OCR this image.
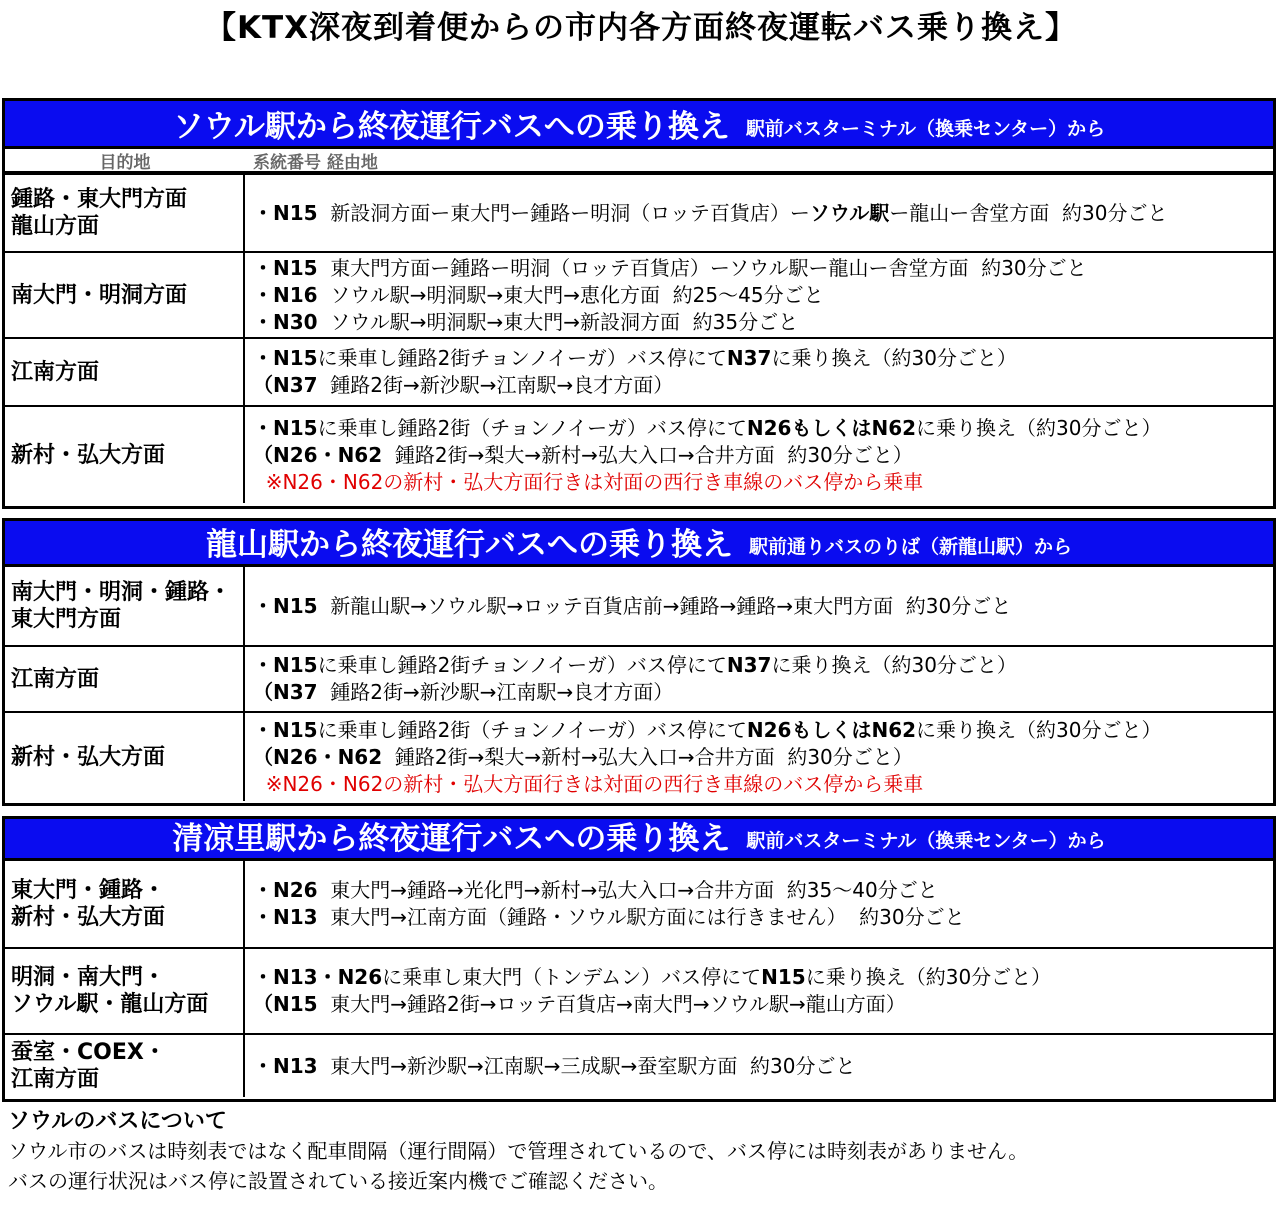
【KTX深夜到着便からの市内各方面終夜運転バス乗り換え】
ソウル駅から終夜運行バスへの乗り換え 駅前バスターミナル（換乗センター）から
目的地	系統番号 経由地
鍾路・東大門方面
龍山方面
・N15  新設洞方面ー東大門ー鍾路ー明洞（ロッテ百貨店）ーソウル駅ー龍山ー舎堂方面  約30分ごと
南大門・明洞方面
・N15  東大門方面ー鍾路ー明洞（ロッテ百貨店）ーソウル駅ー龍山ー舎堂方面  約30分ごと
・N16  ソウル駅→明洞駅→東大門→恵化方面  約25～45分ごと
・N30  ソウル駅→明洞駅→東大門→新設洞方面  約35分ごと
江南方面
・N15に乗車し鍾路2街チョンノイーガ）バス停にてN37に乗り換え（約30分ごと）
（N37  鍾路2街→新沙駅→江南駅→良才方面）
新村・弘大方面
・N15に乗車し鍾路2街（チョンノイーガ）バス停にてN26もしくはN62に乗り換え（約30分ごと）
（N26・N62  鍾路2街→梨大→新村→弘大入口→合井方面  約30分ごと）
※N26・N62の新村・弘大方面行きは対面の西行き車線のバス停から乗車
龍山駅から終夜運行バスへの乗り換え 駅前通りバスのりば（新龍山駅）から
南大門・明洞・鍾路・
東大門方面
・N15  新龍山駅→ソウル駅→ロッテ百貨店前→鍾路→鍾路→東大門方面  約30分ごと
江南方面
・N15に乗車し鍾路2街チョンノイーガ）バス停にてN37に乗り換え（約30分ごと）
（N37  鍾路2街→新沙駅→江南駅→良才方面）
新村・弘大方面
・N15に乗車し鍾路2街（チョンノイーガ）バス停にてN26もしくはN62に乗り換え（約30分ごと）
（N26・N62  鍾路2街→梨大→新村→弘大入口→合井方面  約30分ごと）
※N26・N62の新村・弘大方面行きは対面の西行き車線のバス停から乗車
清凉里駅から終夜運行バスへの乗り換え 駅前バスターミナル（換乗センター）から
東大門・鍾路・
新村・弘大方面
・N26  東大門→鍾路→光化門→新村→弘大入口→合井方面  約35～40分ごと
・N13  東大門→江南方面（鍾路・ソウル駅方面には行きません）  約30分ごと
明洞・南大門・
ソウル駅・龍山方面
・N13・N26に乗車し東大門（トンデムン）バス停にてN15に乗り換え（約30分ごと）
（N15  東大門→鍾路2街→ロッテ百貨店→南大門→ソウル駅→龍山方面）
蚕室・COEX・
江南方面
・N13  東大門→新沙駅→江南駅→三成駅→蚕室駅方面  約30分ごと
ソウルのバスについて
ソウル市のバスは時刻表ではなく配車間隔（運行間隔）で管理されているので、バス停には時刻表がありません。
バスの運行状況はバス停に設置されている接近案内機でご確認ください。
